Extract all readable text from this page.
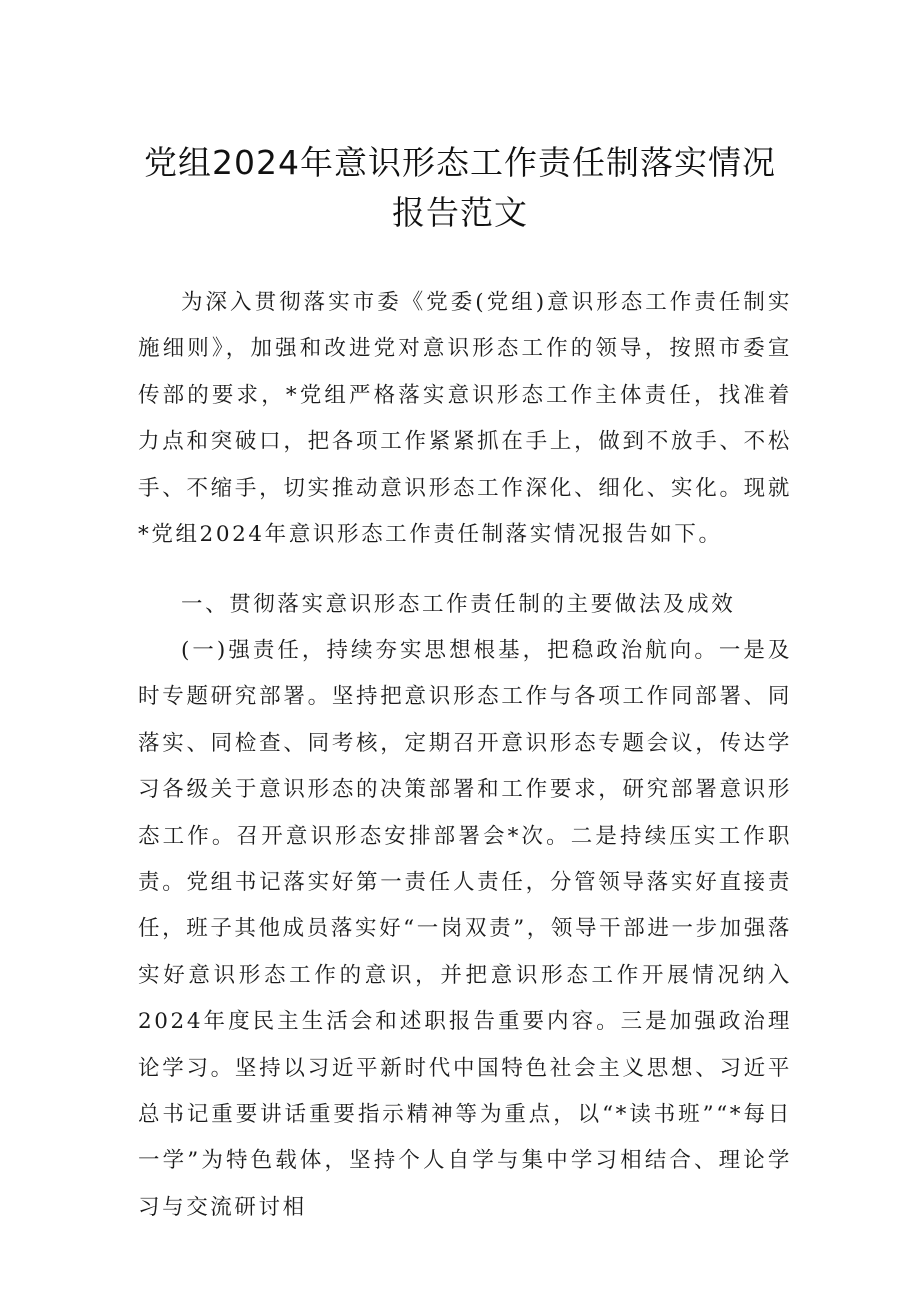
党组2024年意识形态工作责任制落实情况
报告范文

为深入贯彻落实市委《党委(党组)意识形态工作责任制实施细则》，加强和改进党对意识形态工作的领导，按照市委宣传部的要求，*党组严格落实意识形态工作主体责任，找准着力点和突破口，把各项工作紧紧抓在手上，做到不放手、不松手、不缩手，切实推动意识形态工作深化、细化、实化。现就*党组2024年意识形态工作责任制落实情况报告如下。

一、贯彻落实意识形态工作责任制的主要做法及成效

(一)强责任，持续夯实思想根基，把稳政治航向。一是及时专题研究部署。坚持把意识形态工作与各项工作同部署、同落实、同检查、同考核，定期召开意识形态专题会议，传达学习各级关于意识形态的决策部署和工作要求，研究部署意识形态工作。召开意识形态安排部署会*次。二是持续压实工作职责。党组书记落实好第一责任人责任，分管领导落实好直接责任，班子其他成员落实好“一岗双责”，领导干部进一步加强落实好意识形态工作的意识，并把意识形态工作开展情况纳入2024年度民主生活会和述职报告重要内容。三是加强政治理论学习。坚持以习近平新时代中国特色社会主义思想、习近平总书记重要讲话重要指示精神等为重点，以“*读书班”“*每日一学”为特色载体，坚持个人自学与集中学习相结合、理论学习与交流研讨相
